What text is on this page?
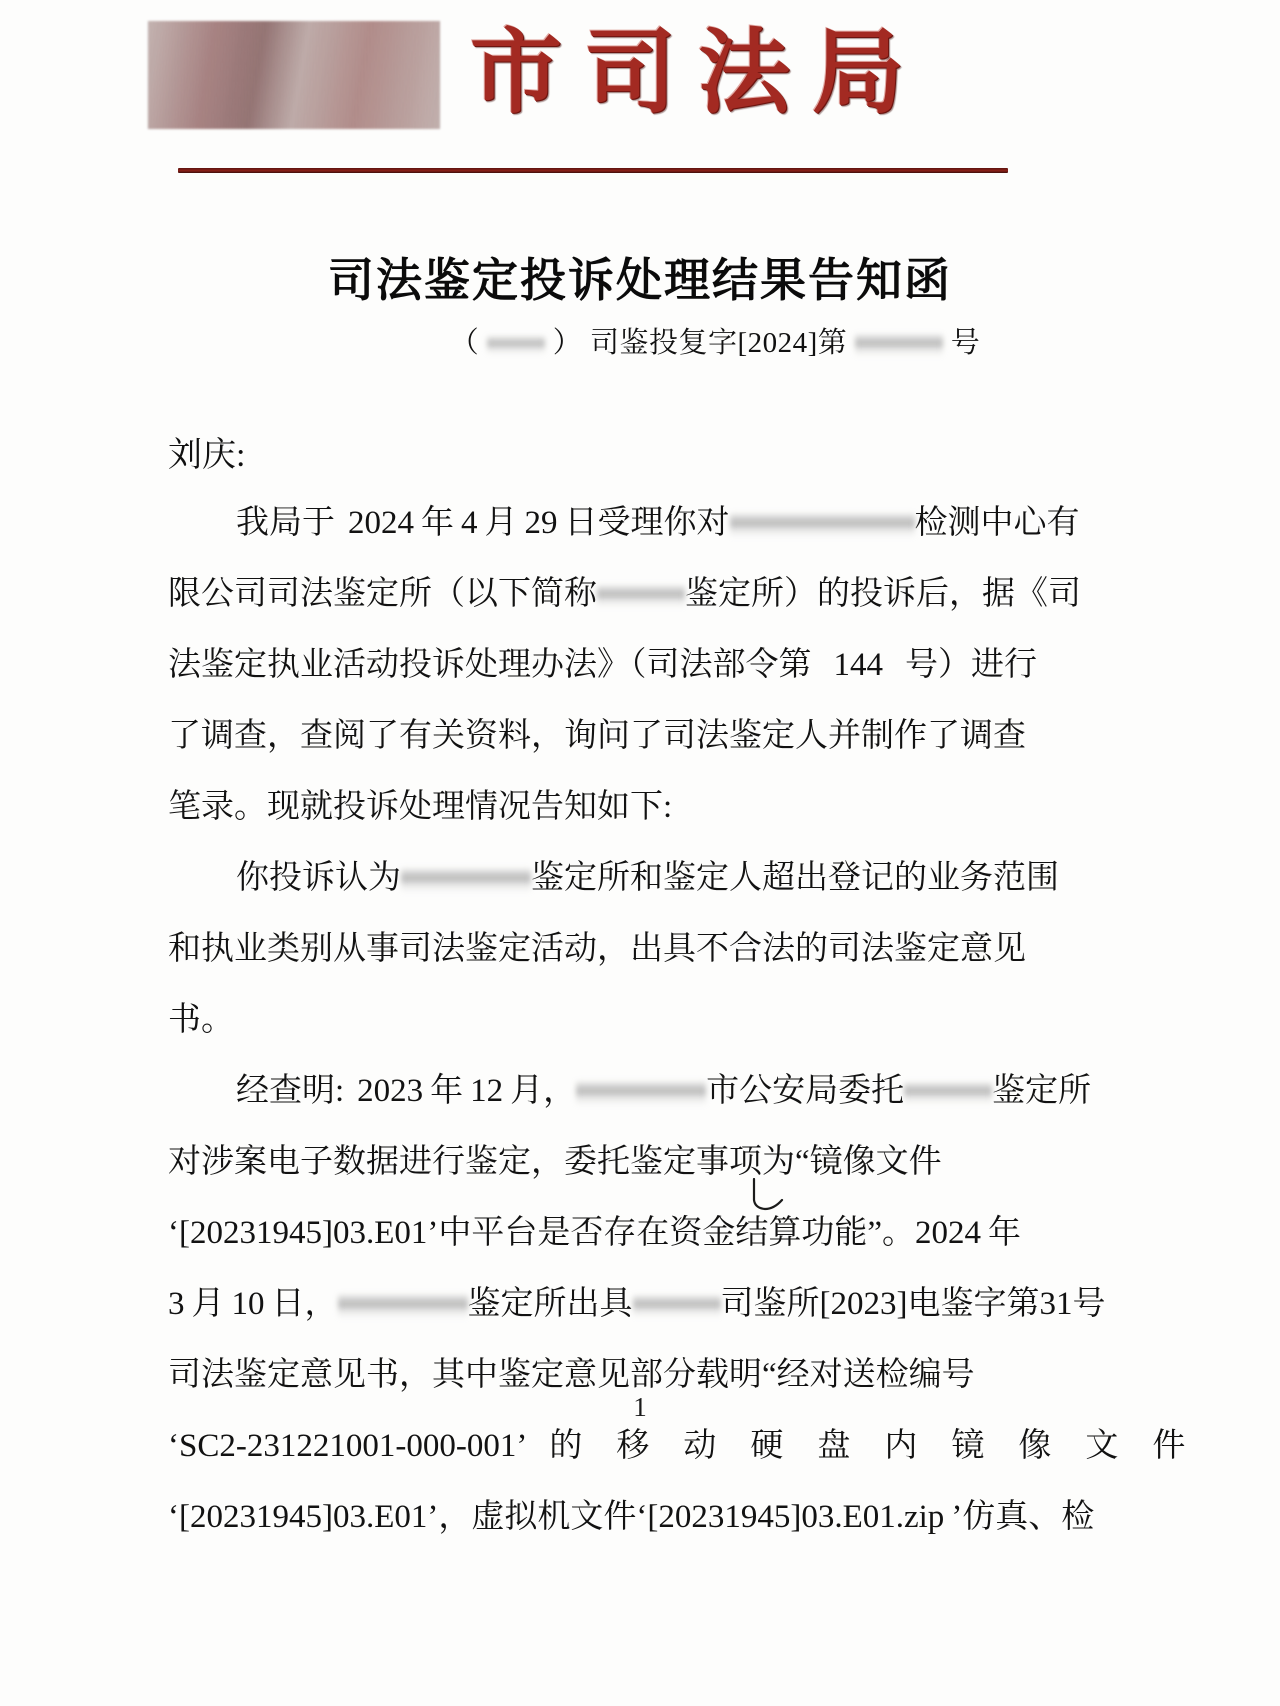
市司法局
司法鉴定投诉处理结果告知函
（	） 司鉴投复字[2024]第	号
刘庆:
我局于 2024 年 4 月 29 日受理你对	检测中心有
限公司司法鉴定所（以下简称	鉴定所）的投诉后，据《司
法鉴定执业活动投诉处理办法》（司法部令第 144 号）进行
了调查，查阅了有关资料，询问了司法鉴定人并制作了调查
笔录。现就投诉处理情况告知如下:
你投诉认为	鉴定所和鉴定人超出登记的业务范围
和执业类别从事司法鉴定活动，出具不合法的司法鉴定意见
书。
经查明: 2023 年 12 月，	市公安局委托	鉴定所
对涉案电子数据进行鉴定，委托鉴定事项为“镜像文件
‘[20231945]03.E01’中平台是否存在资金结算功能”。2024 年
3 月 10 日，	鉴定所出具	司鉴所[2023]电鉴字第31号
司法鉴定意见书，其中鉴定意见部分载明“经对送检编号
‘SC2-231221001-000-001’ 的 移 动 硬 盘 内 镜 像 文 件
‘[20231945]03.E01’，虚拟机文件‘[20231945]03.E01.zip ’仿真、检
1
